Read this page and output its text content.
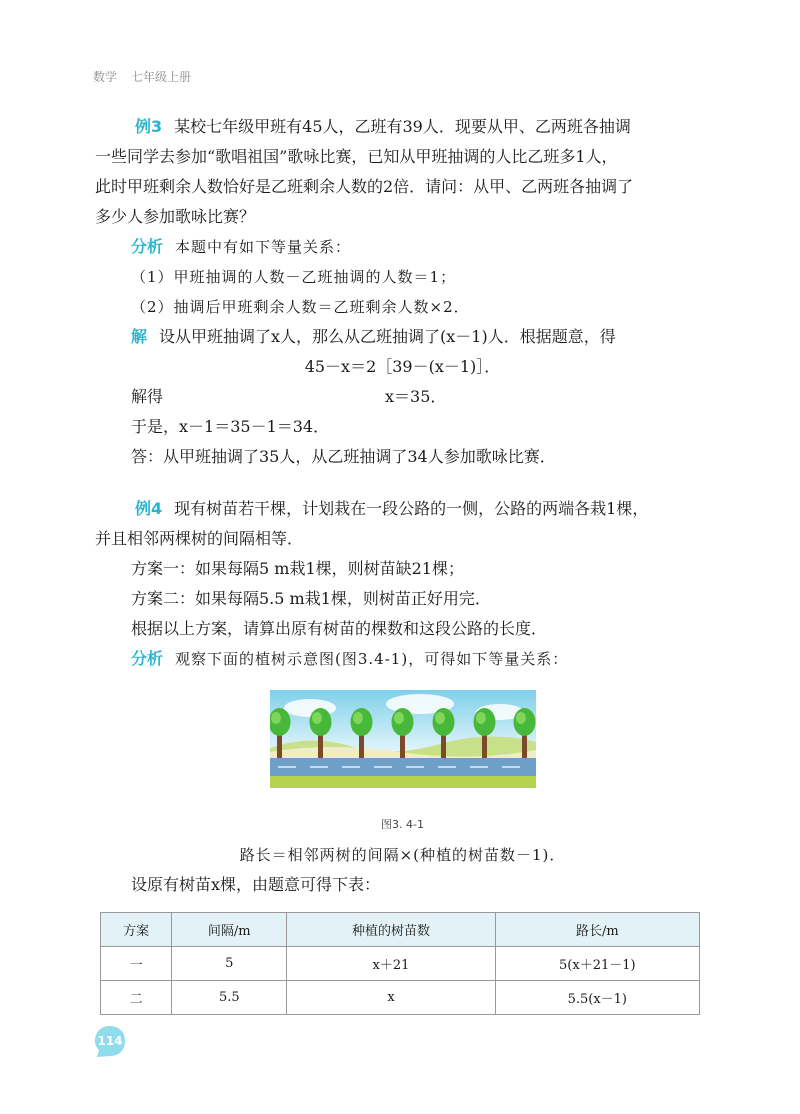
数学 七年级上册

例3 某校七年级甲班有45人，乙班有39人．现要从甲、乙两班各抽调

一些同学去参加“歌唱祖国”歌咏比赛，已知从甲班抽调的人比乙班多1人，

此时甲班剩余人数恰好是乙班剩余人数的2倍．请问：从甲、乙两班各抽调了

多少人参加歌咏比赛？

分析 本题中有如下等量关系：

（1）甲班抽调的人数－乙班抽调的人数＝1；

（2）抽调后甲班剩余人数＝乙班剩余人数×2．

解 设从甲班抽调了x人，那么从乙班抽调了(x－1)人．根据题意，得

45－x＝2［39－(x－1)］．

解得	x＝35．

于是，x－1＝35－1＝34．

答：从甲班抽调了35人，从乙班抽调了34人参加歌咏比赛．

例4 现有树苗若干棵，计划栽在一段公路的一侧，公路的两端各栽1棵，

并且相邻两棵树的间隔相等．

方案一：如果每隔5 m栽1棵，则树苗缺21棵；

方案二：如果每隔5.5 m栽1棵，则树苗正好用完．

根据以上方案，请算出原有树苗的棵数和这段公路的长度．

分析 观察下面的植树示意图(图3.4-1)，可得如下等量关系：

图3. 4-1

路长＝相邻两树的间隔×(种植的树苗数－1)．

设原有树苗x棵，由题意可得下表：

方案	间隔/m	种植的树苗数	路长/m
一	5	x＋21	5(x＋21－1)
二	5.5	x	5.5(x－1)
114
